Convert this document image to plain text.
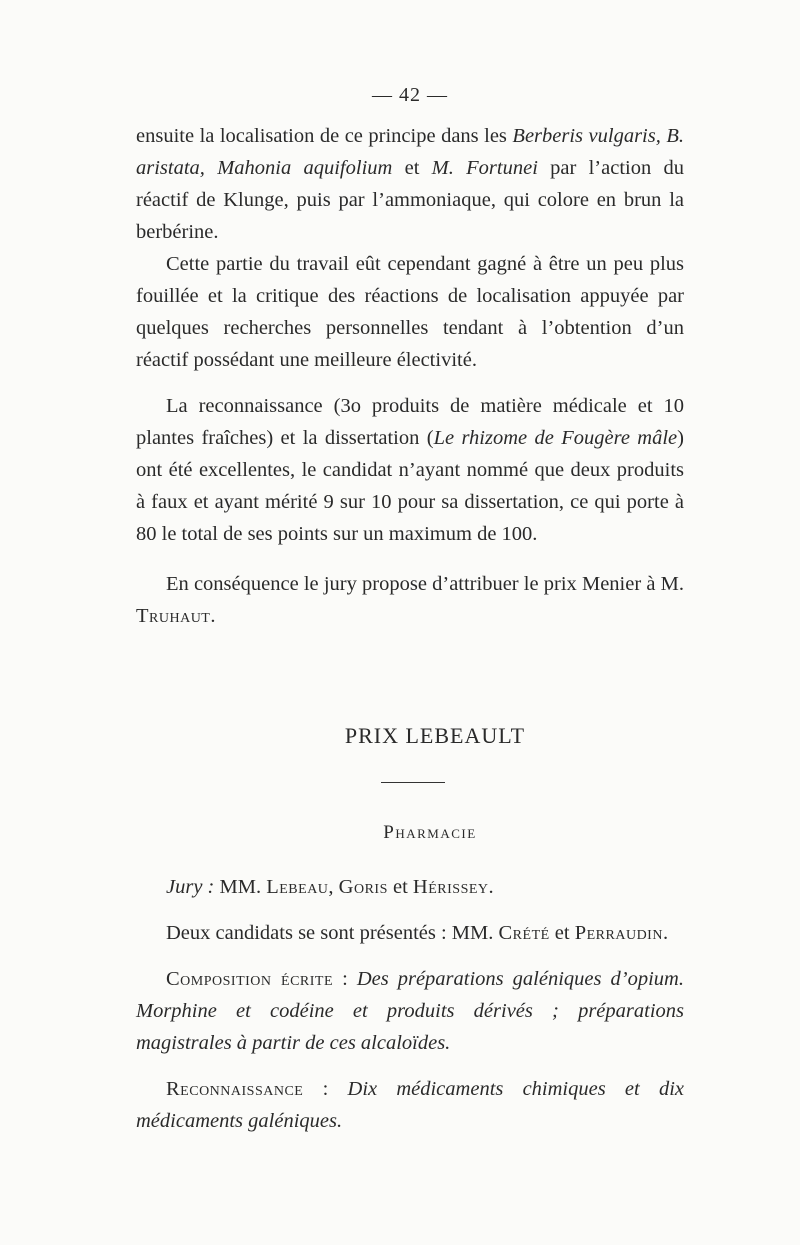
— 42 —

ensuite la localisation de ce principe dans les Berberis vulgaris, B. aristata, Mahonia aquifolium et M. Fortunei par l’action du réactif de Klunge, puis par l’ammoniaque, qui colore en brun la berbérine.

Cette partie du travail eût cependant gagné à être un peu plus fouillée et la critique des réactions de localisation appuyée par quelques recherches personnelles tendant à l’obtention d’un réactif possédant une meilleure électivité.

La reconnaissance (3o produits de matière médicale et 10 plantes fraîches) et la dissertation (Le rhizome de Fougère mâle) ont été excellentes, le candidat n’ayant nommé que deux produits à faux et ayant mérité 9 sur 10 pour sa dissertation, ce qui porte à 80 le total de ses points sur un maximum de 100.

En conséquence le jury propose d’attribuer le prix Menier à M. Truhaut.

PRIX LEBEAULT
Pharmacie

Jury : MM. Lebeau, Goris et Hérissey.

Deux candidats se sont présentés : MM. Crété et Perraudin.

Composition écrite : Des préparations galéniques d’opium. Morphine et codéine et produits dérivés ; préparations magistrales à partir de ces alcaloïdes.

Reconnaissance : Dix médicaments chimiques et dix médicaments galéniques.
